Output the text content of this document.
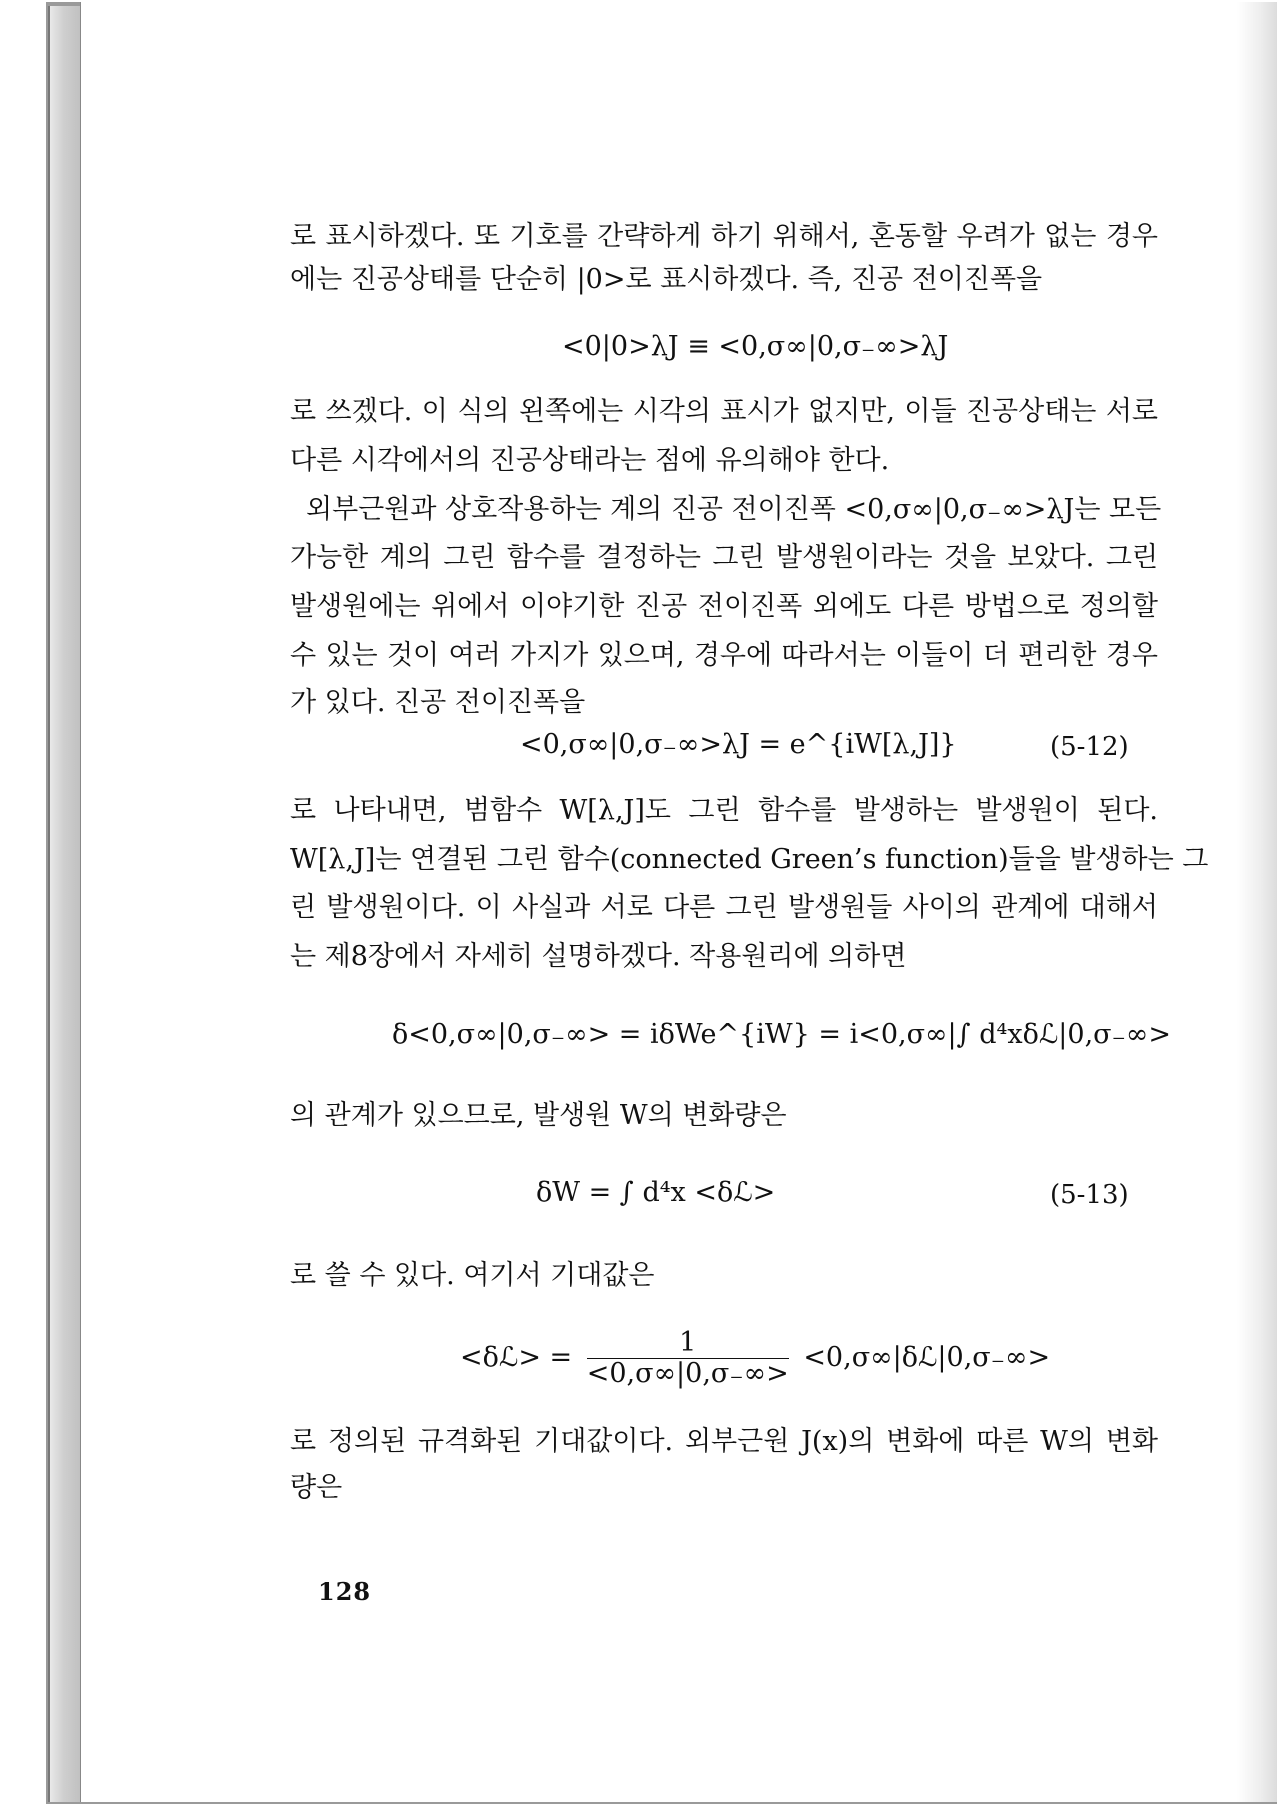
로 표시하겠다. 또 기호를 간략하게 하기 위해서, 혼동할 우려가 없는 경우
에는 진공상태를 단순히 |0>로 표시하겠다. 즉, 진공 전이진폭을
<0|0>λJ ≡ <0,σ∞|0,σ₋∞>λJ
로 쓰겠다. 이 식의 왼쪽에는 시각의 표시가 없지만, 이들 진공상태는 서로
다른 시각에서의 진공상태라는 점에 유의해야 한다.
외부근원과 상호작용하는 계의 진공 전이진폭 <0,σ∞|0,σ₋∞>λJ는 모든
가능한 계의 그린 함수를 결정하는 그린 발생원이라는 것을 보았다. 그린
발생원에는 위에서 이야기한 진공 전이진폭 외에도 다른 방법으로 정의할
수 있는 것이 여러 가지가 있으며, 경우에 따라서는 이들이 더 편리한 경우
가 있다. 진공 전이진폭을
<0,σ∞|0,σ₋∞>λJ = e^{iW[λ,J]}	(5-12)
로 나타내면, 범함수 W[λ,J]도 그린 함수를 발생하는 발생원이 된다.
W[λ,J]는 연결된 그린 함수(connected Green’s function)들을 발생하는 그
린 발생원이다. 이 사실과 서로 다른 그린 발생원들 사이의 관계에 대해서
는 제8장에서 자세히 설명하겠다. 작용원리에 의하면
δ<0,σ∞|0,σ₋∞> = iδWe^{iW} = i<0,σ∞|∫ d⁴xδℒ|0,σ₋∞>
의 관계가 있으므로, 발생원 W의 변화량은
δW = ∫ d⁴x <δℒ>	(5-13)
로 쓸 수 있다. 여기서 기대값은
<δℒ> = $\frac{1}{<0,\sigma\infty|0,\sigma_-\infty>}$ <0,σ∞|δℒ|0,σ₋∞>
로 정의된 규격화된 기대값이다. 외부근원 J(x)의 변화에 따른 W의 변화
량은
128
